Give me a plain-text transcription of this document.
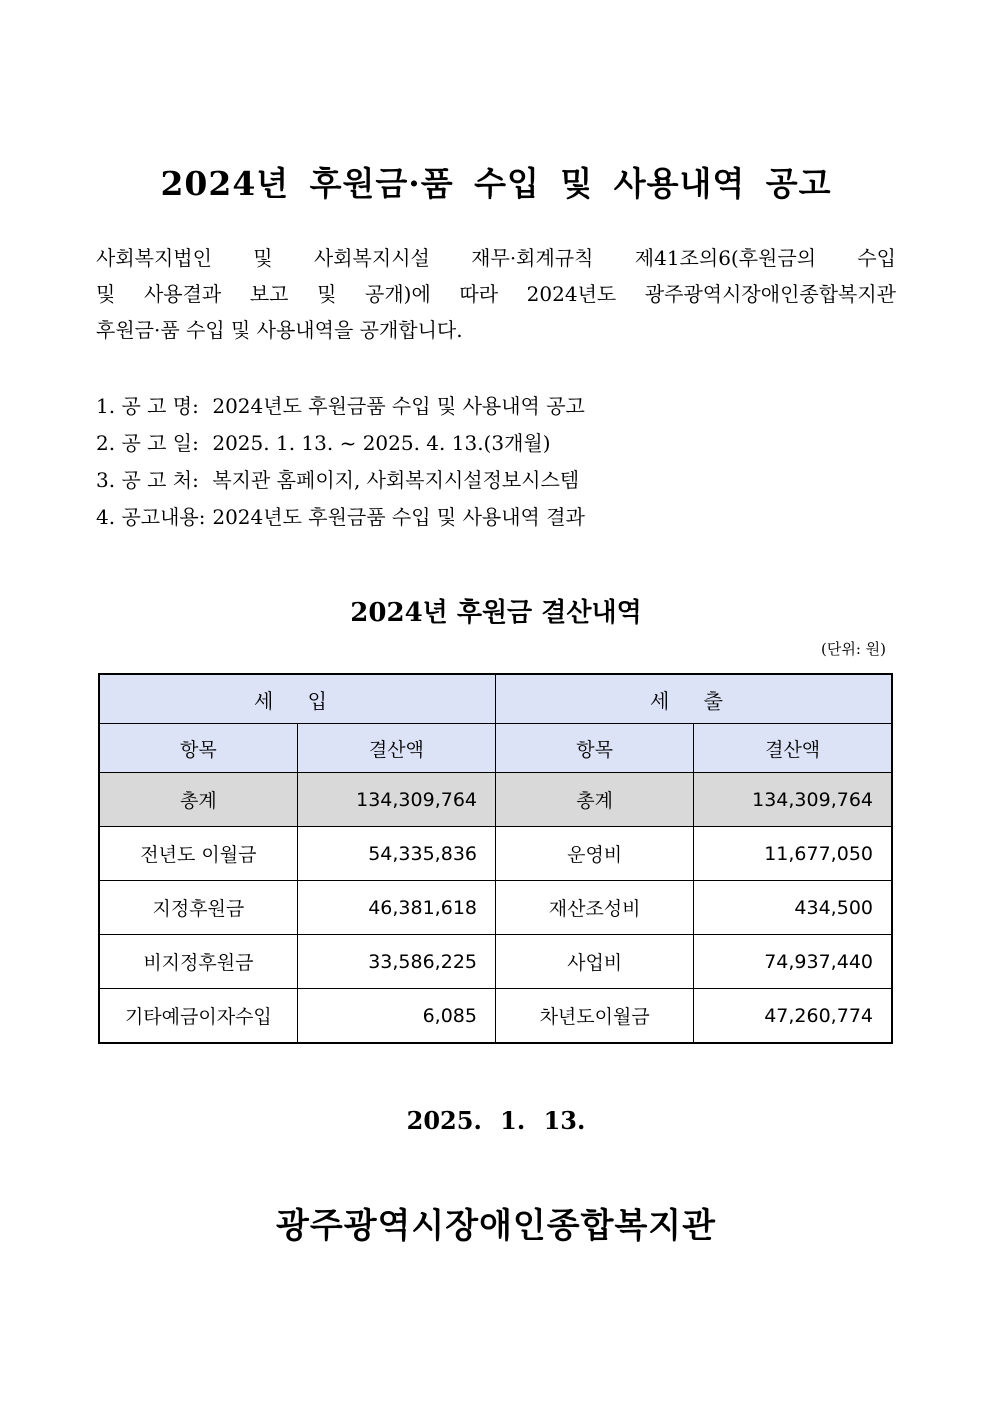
2024년 후원금·품 수입 및 사용내역 공고
사회복지법인 및 사회복지시설 재무·회계규칙 제41조의6(후원금의 수입
및 사용결과 보고 및 공개)에 따라 2024년도 광주광역시장애인종합복지관
후원금·품 수입 및 사용내역을 공개합니다.
1. 공 고 명:
2024년도 후원금품 수입 및 사용내역 공고
2. 공 고 일:
2025. 1. 13. ~ 2025. 4. 13.(3개월)
3. 공 고 처:
복지관 홈페이지, 사회복지시설정보시스템
4. 공고내용:
2024년도 후원금품 수입 및 사용내역 결과
2024년 후원금 결산내역
(단위: 원)
세 입		세 출	
항목	결산액	항목	결산액
총계	134,309,764	총계	134,309,764
전년도 이월금	54,335,836	운영비	11,677,050
지정후원금	46,381,618	재산조성비	434,500
비지정후원금	33,586,225	사업비	74,937,440
기타예금이자수입	6,085	차년도이월금	47,260,774
2025. 1. 13.
광주광역시장애인종합복지관
